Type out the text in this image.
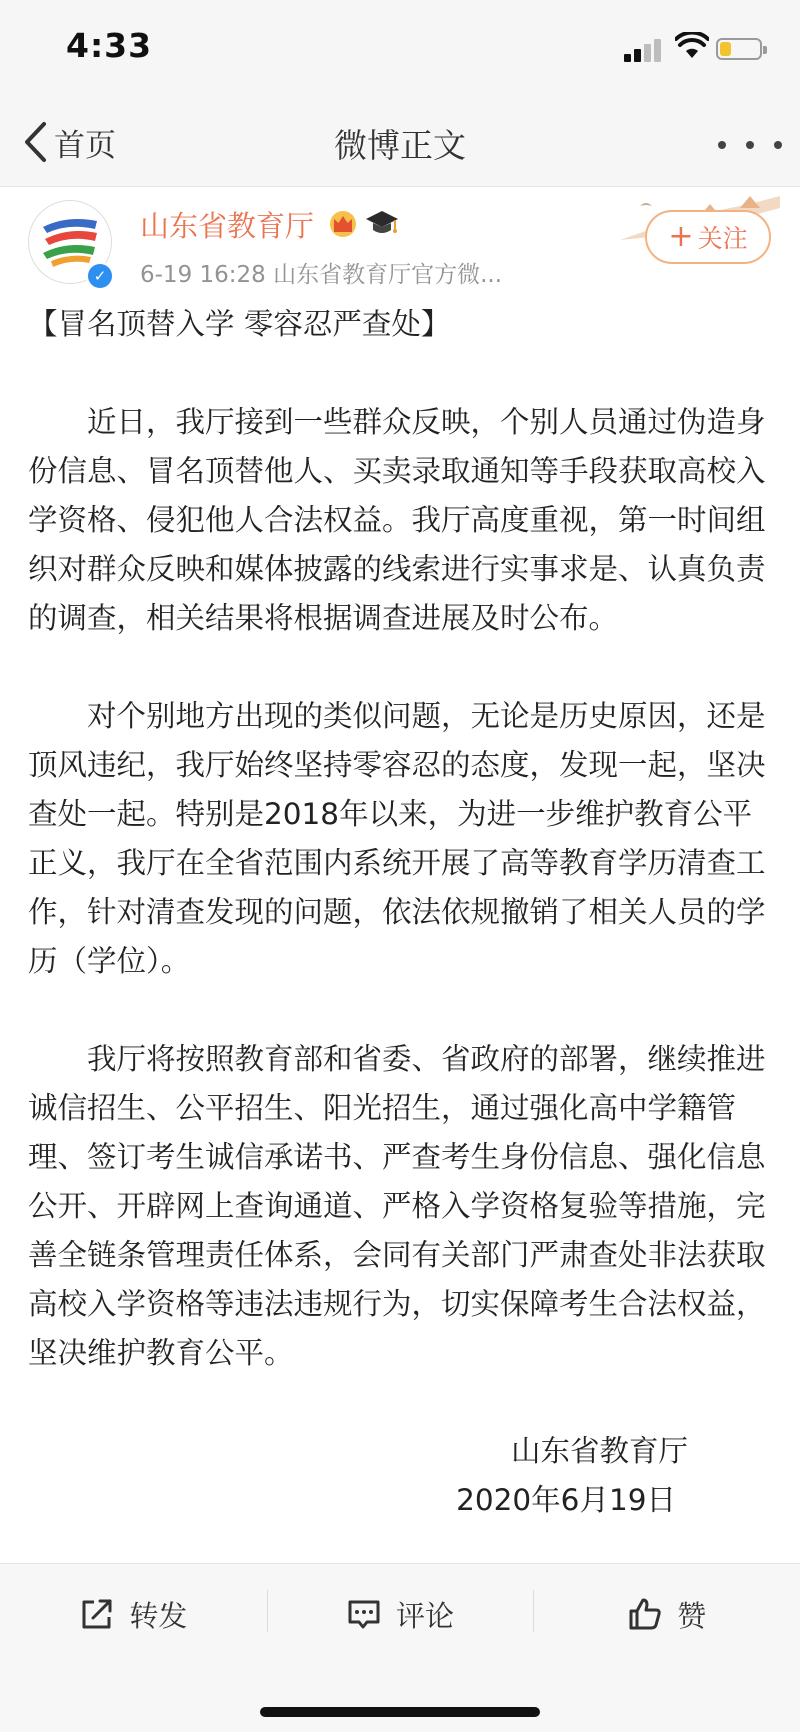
4:33
首页	微博正文
✓
山东省教育厅
6-19 16:28 山东省教育厅官方微...
+ 关注

【冒名顶替入学 零容忍严查处】

近日，我厅接到一些群众反映，个别人员通过伪造身份信息、冒名顶替他人、买卖录取通知等手段获取高校入学资格、侵犯他人合法权益。我厅高度重视，第一时间组织对群众反映和媒体披露的线索进行实事求是、认真负责的调查，相关结果将根据调查进展及时公布。

对个别地方出现的类似问题，无论是历史原因，还是顶风违纪，我厅始终坚持零容忍的态度，发现一起，坚决查处一起。特别是2018年以来，为进一步维护教育公平正义，我厅在全省范围内系统开展了高等教育学历清查工作，针对清查发现的问题，依法依规撤销了相关人员的学历（学位）。

我厅将按照教育部和省委、省政府的部署，继续推进诚信招生、公平招生、阳光招生，通过强化高中学籍管理、签订考生诚信承诺书、严查考生身份信息、强化信息公开、开辟网上查询通道、严格入学资格复验等措施，完善全链条管理责任体系，会同有关部门严肃查处非法获取高校入学资格等违法违规行为，切实保障考生合法权益，坚决维护教育公平。

山东省教育厅

2020年6月19日

转发	评论	赞
